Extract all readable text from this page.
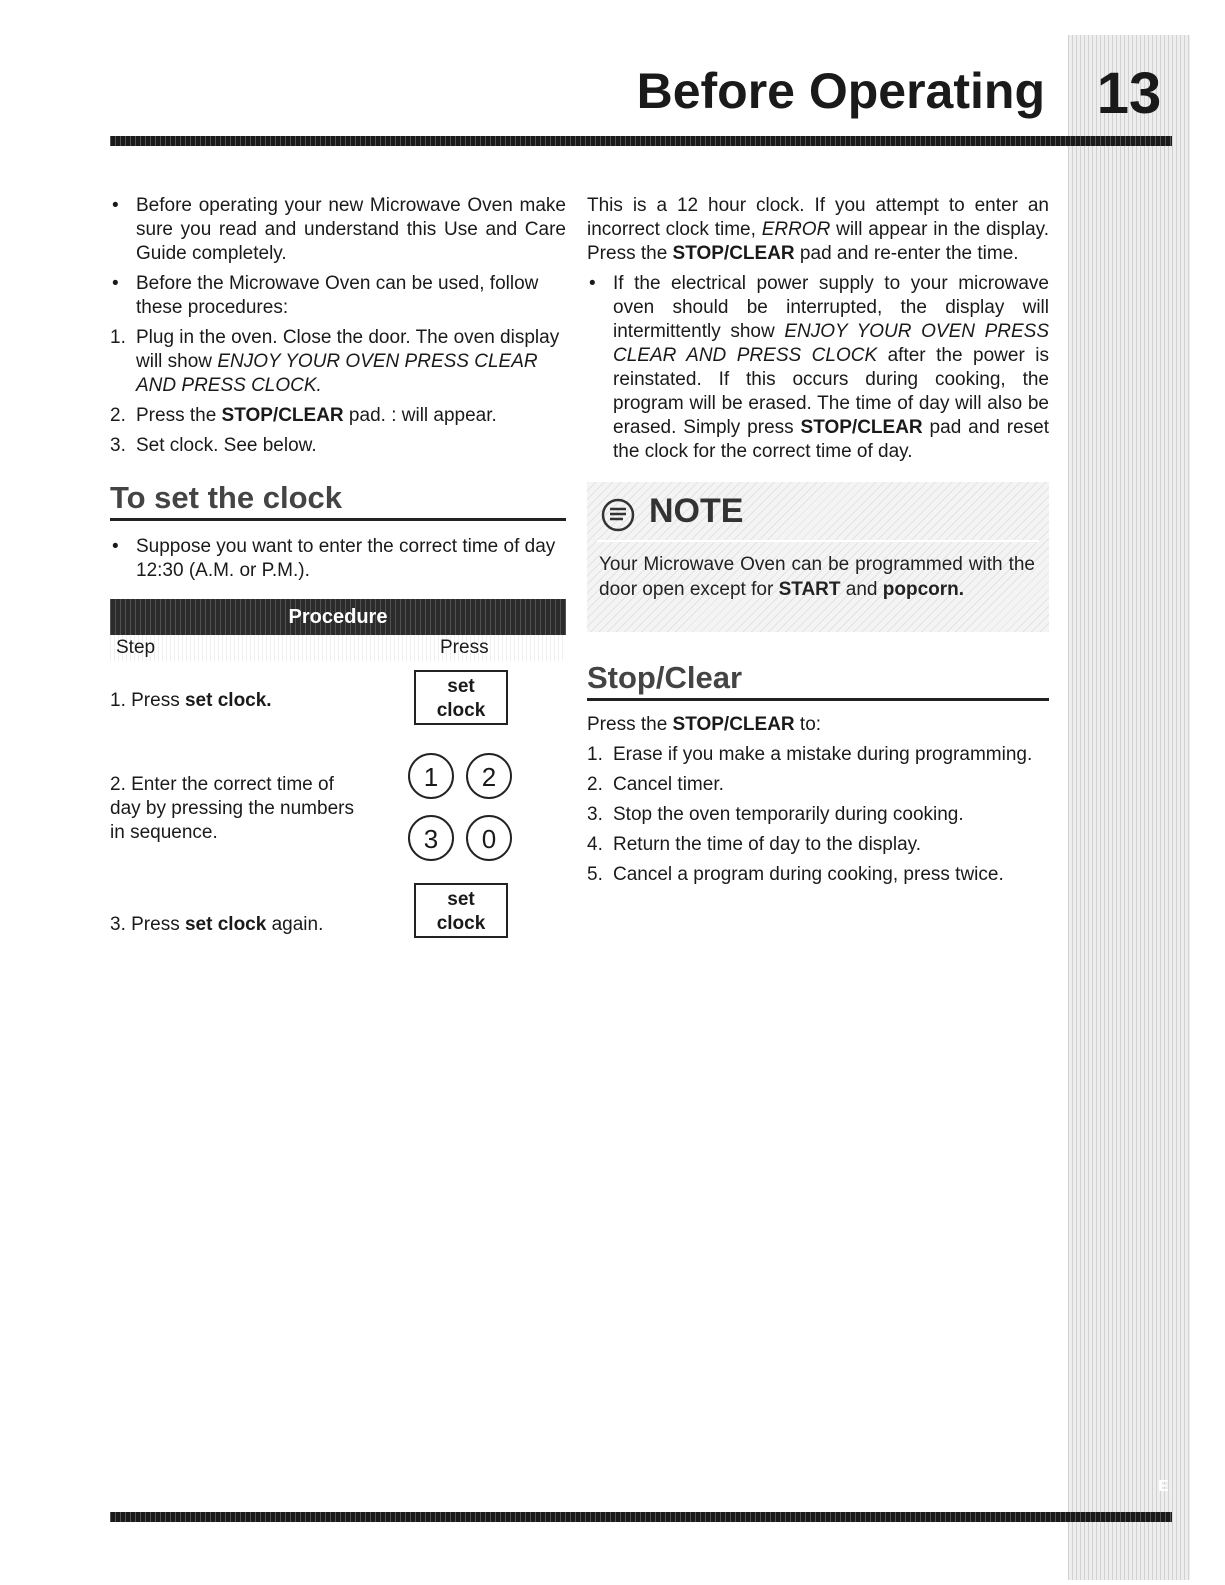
13
E
Before Operating
• Before operating your new Microwave Oven make sure you read and understand this Use and Care Guide completely.
• Before the Microwave Oven can be used, follow these procedures:
1. Plug in the oven. Close the door. The oven display will show ENJOY YOUR OVEN PRESS CLEAR AND PRESS CLOCK.
2. Press the STOP/CLEAR pad. : will appear.
3. Set clock. See below.
To set the clock
• Suppose you want to enter the correct time of day 12:30 (A.M. or P.M.).
Procedure
Step	Press
1. Press set clock.
set
clock
2. Enter the correct time of day by pressing the numbers in sequence.
1	2
3	0
3. Press set clock again.
set
clock
This is a 12 hour clock. If you attempt to enter an incorrect clock time, ERROR will appear in the display. Press the STOP/CLEAR pad and re-enter the time.
• If the electrical power supply to your microwave oven should be interrupted, the display will intermittently show ENJOY YOUR OVEN PRESS CLEAR AND PRESS CLOCK after the power is reinstated. If this occurs during cooking, the program will be erased. The time of day will also be erased. Simply press STOP/CLEAR pad and reset the clock for the correct time of day.
NOTE
Your Microwave Oven can be programmed with the door open except for START and popcorn.
Stop/Clear
Press the STOP/CLEAR to:
1. Erase if you make a mistake during programming.
2. Cancel timer.
3. Stop the oven temporarily during cooking.
4. Return the time of day to the display.
5. Cancel a program during cooking, press twice.
